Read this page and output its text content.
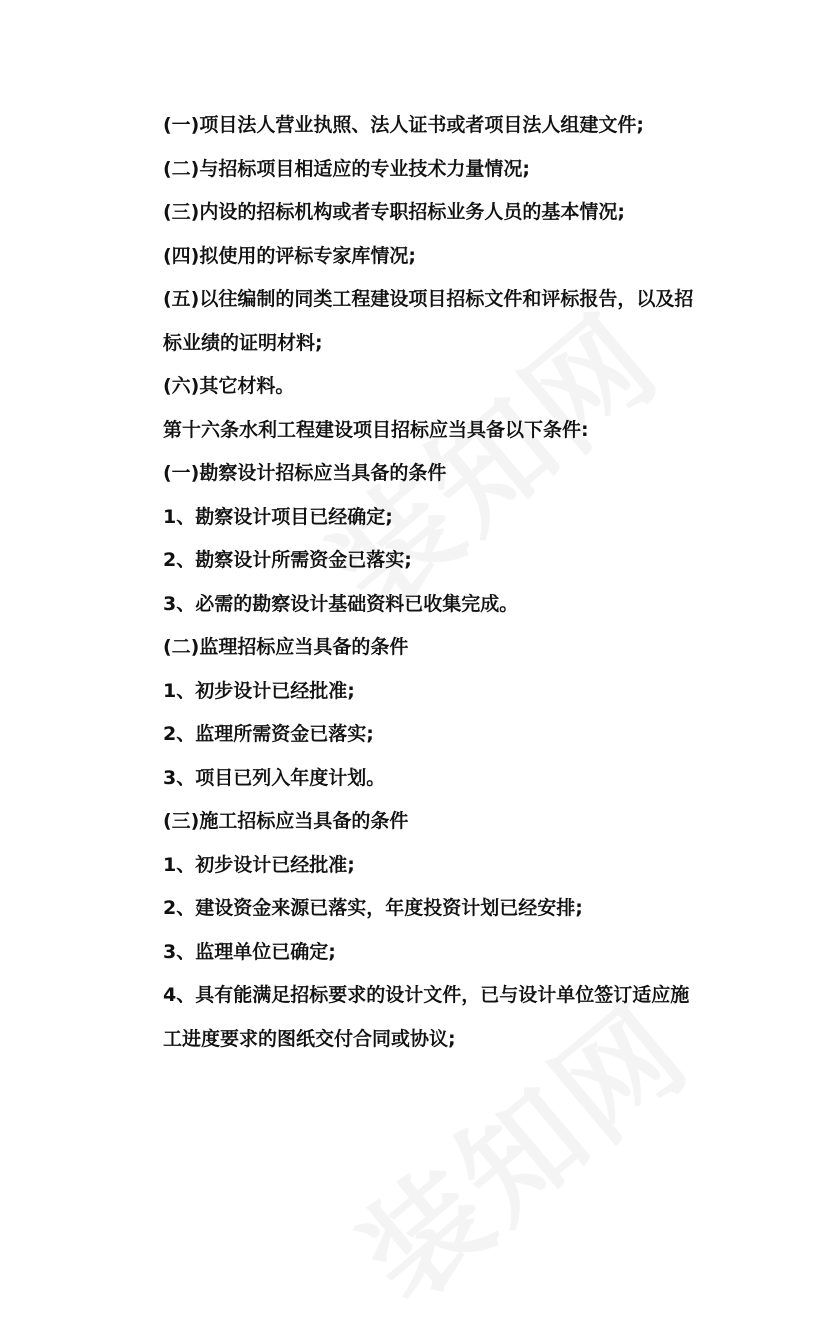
(一)项目法人营业执照、法人证书或者项目法人组建文件;
(二)与招标项目相适应的专业技术力量情况;
(三)内设的招标机构或者专职招标业务人员的基本情况;
(四)拟使用的评标专家库情况;
(五)以往编制的同类工程建设项目招标文件和评标报告，以及招
标业绩的证明材料;
(六)其它材料。
第十六条水利工程建设项目招标应当具备以下条件:
(一)勘察设计招标应当具备的条件
1、勘察设计项目已经确定;
2、勘察设计所需资金已落实;
3、必需的勘察设计基础资料已收集完成。
(二)监理招标应当具备的条件
1、初步设计已经批准;
2、监理所需资金已落实;
3、项目已列入年度计划。
(三)施工招标应当具备的条件
1、初步设计已经批准;
2、建设资金来源已落实，年度投资计划已经安排;
3、监理单位已确定;
4、具有能满足招标要求的设计文件，已与设计单位签订适应施
工进度要求的图纸交付合同或协议;
